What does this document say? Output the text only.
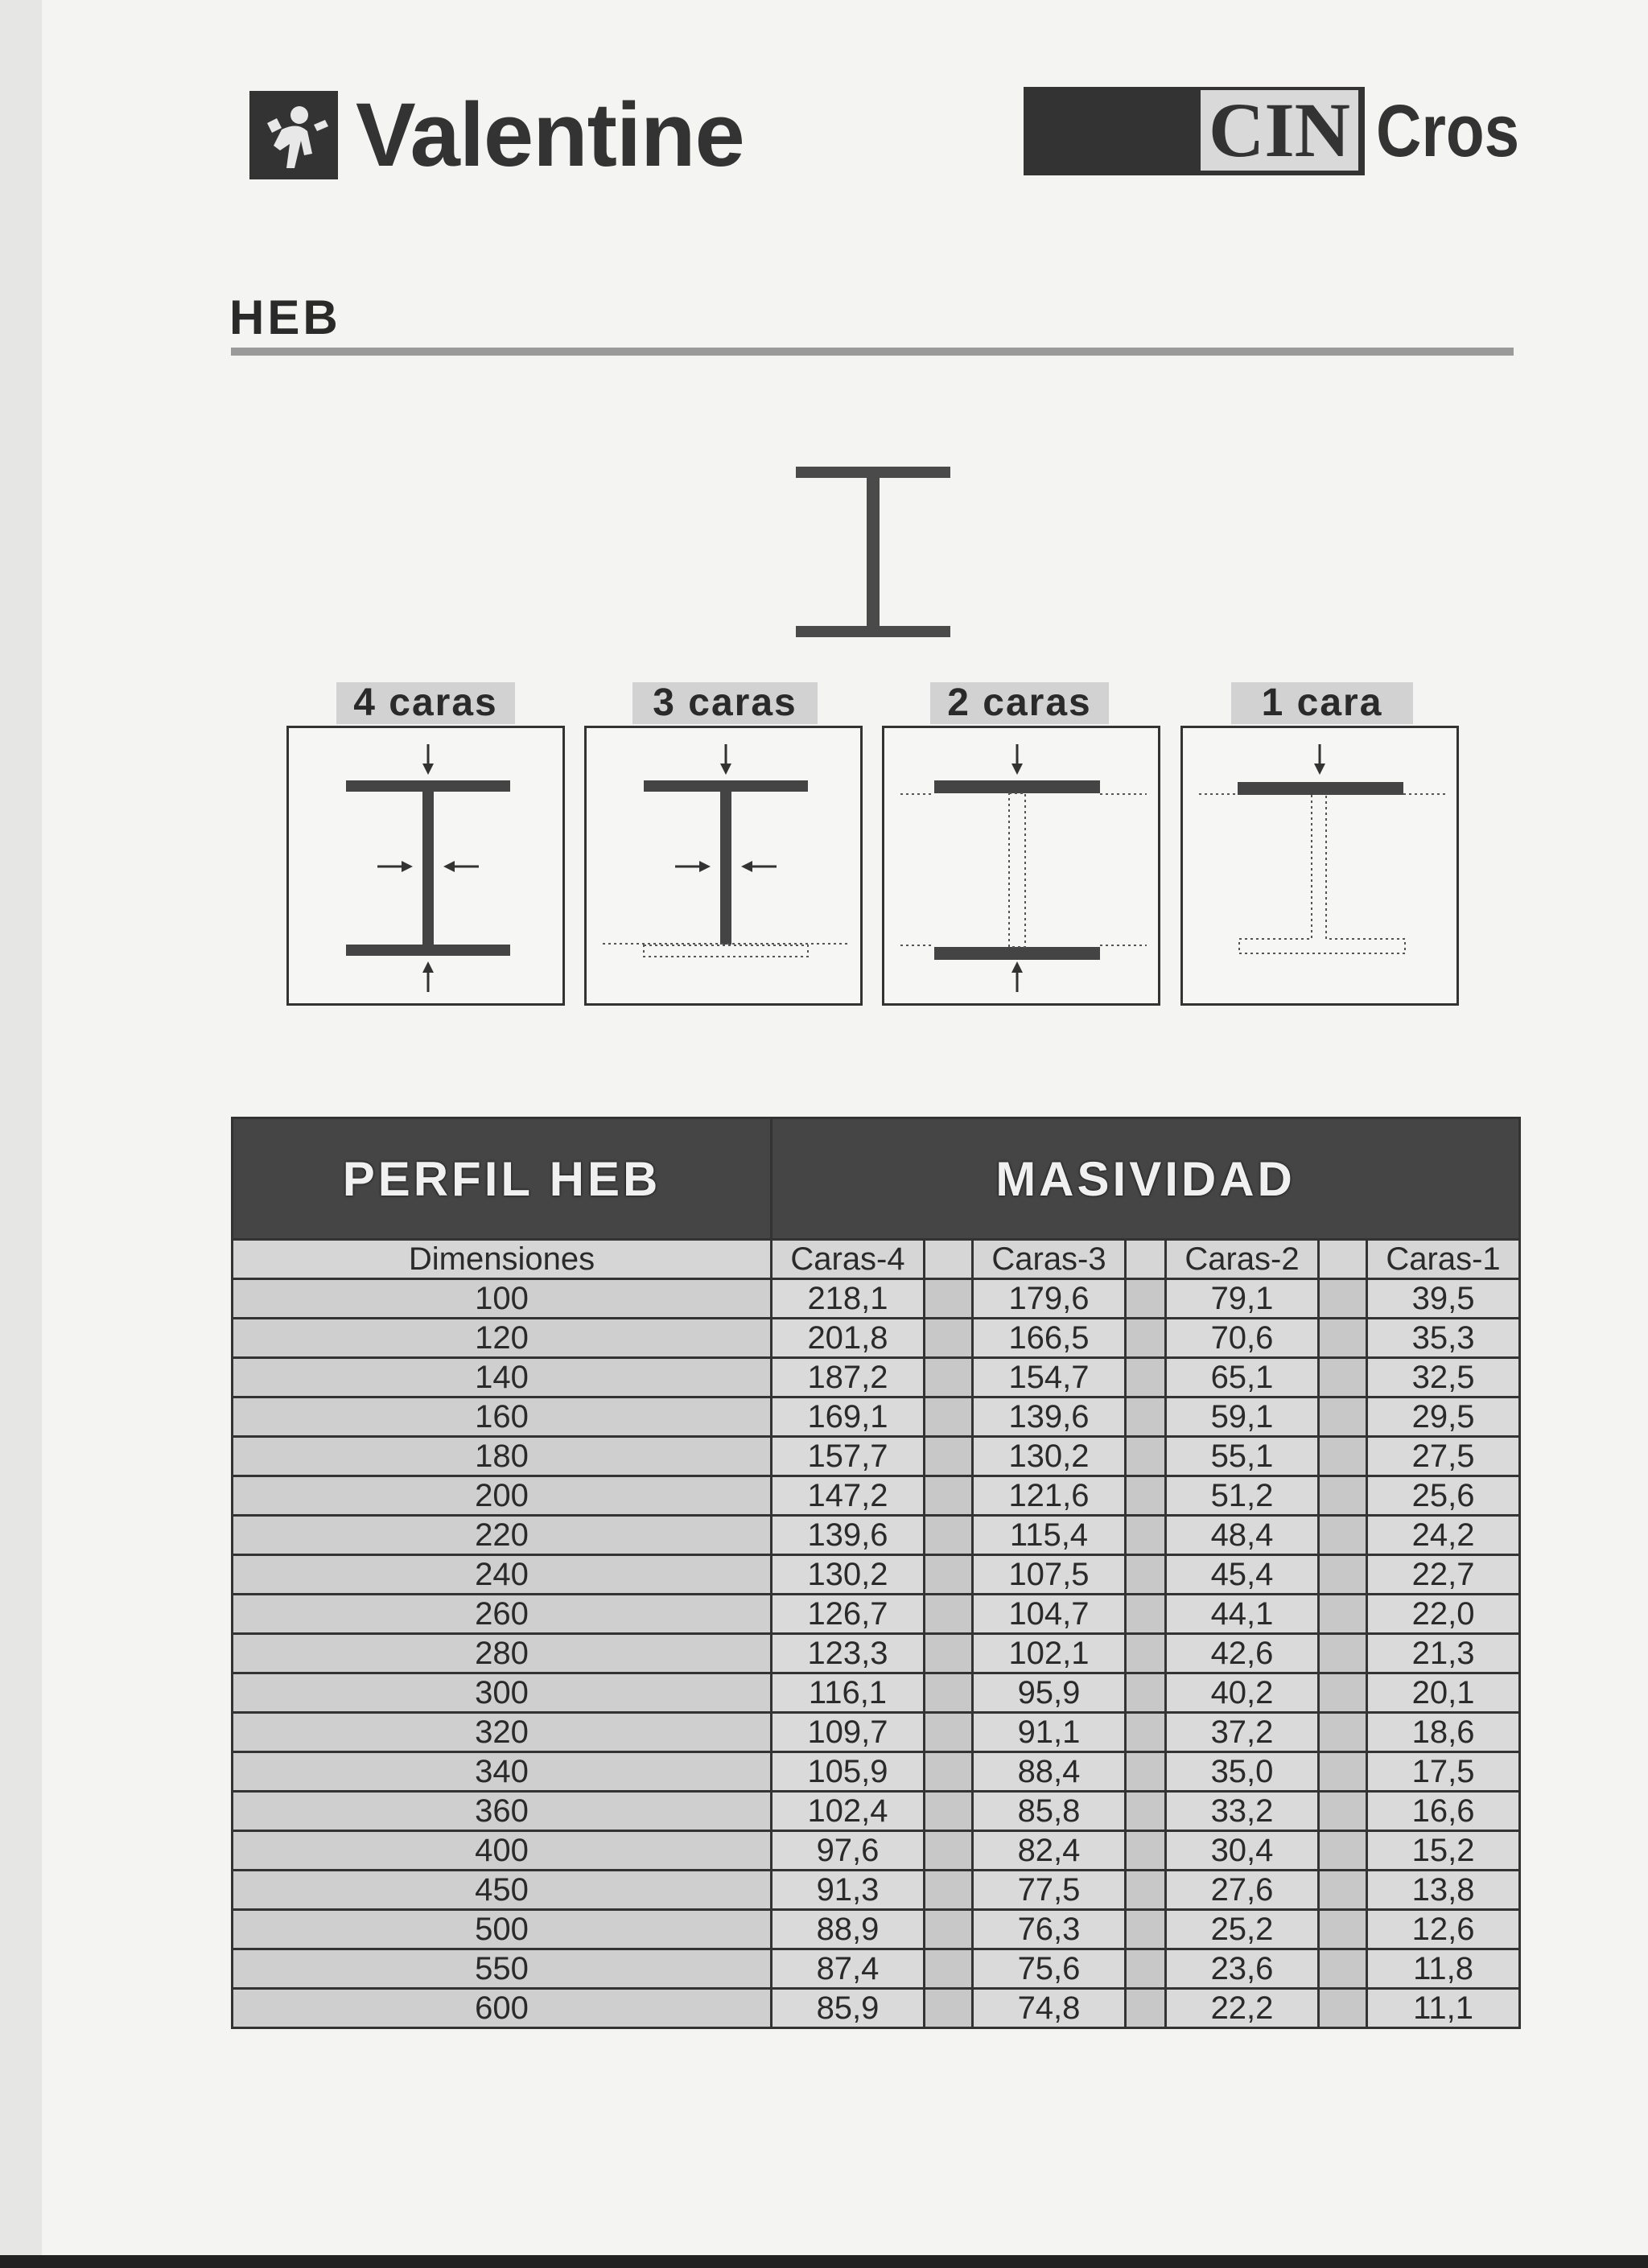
Valentine	CIN Cros
HEB
4 caras	3 caras	2 caras	1 cara
PERFIL HEB	MASIVIDAD						
Dimensiones	Caras-4		Caras-3		Caras-2		Caras-1
100	218,1		179,6		79,1		39,5
120	201,8		166,5		70,6		35,3
140	187,2		154,7		65,1		32,5
160	169,1		139,6		59,1		29,5
180	157,7		130,2		55,1		27,5
200	147,2		121,6		51,2		25,6
220	139,6		115,4		48,4		24,2
240	130,2		107,5		45,4		22,7
260	126,7		104,7		44,1		22,0
280	123,3		102,1		42,6		21,3
300	116,1		95,9		40,2		20,1
320	109,7		91,1		37,2		18,6
340	105,9		88,4		35,0		17,5
360	102,4		85,8		33,2		16,6
400	97,6		82,4		30,4		15,2
450	91,3		77,5		27,6		13,8
500	88,9		76,3		25,2		12,6
550	87,4		75,6		23,6		11,8
600	85,9		74,8		22,2		11,1
